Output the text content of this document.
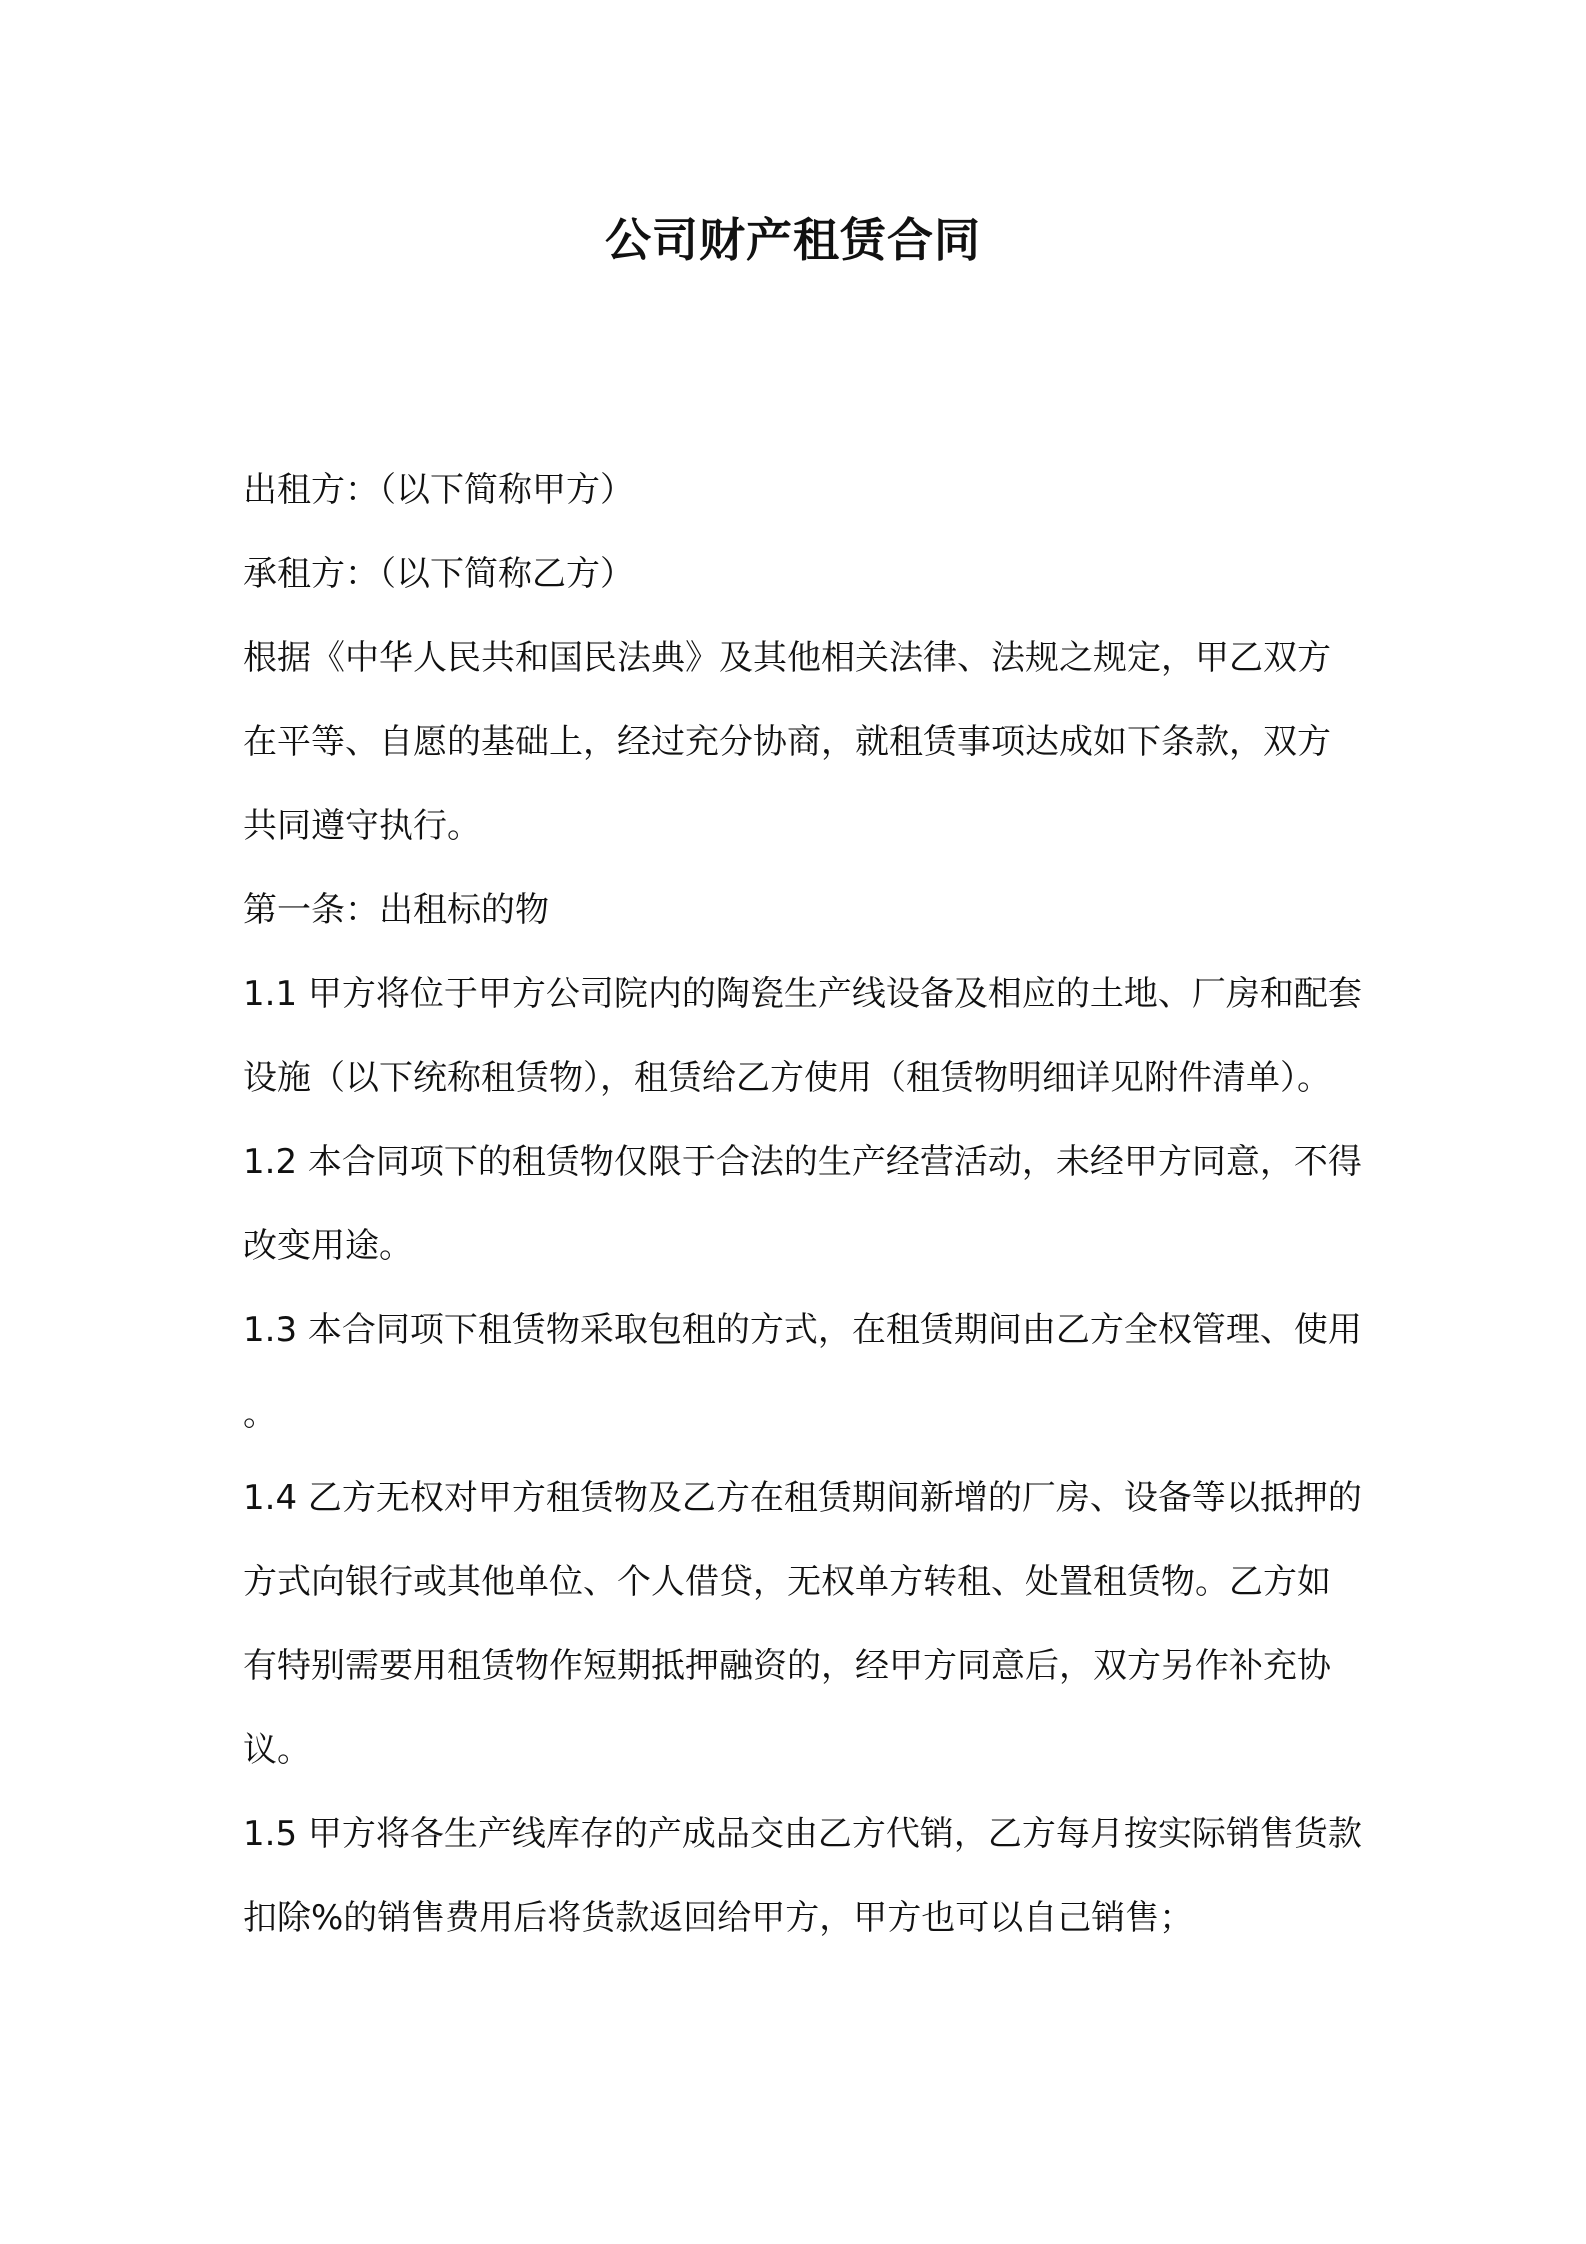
公司财产租赁合同

出租方：（以下简称甲方）

承租方：（以下简称乙方）

根据《中华人民共和国民法典》及其他相关法律、法规之规定，甲乙双方在平等、自愿的基础上，经过充分协商，就租赁事项达成如下条款，双方共同遵守执行。

第一条：出租标的物

1.1 甲方将位于甲方公司院内的陶瓷生产线设备及相应的土地、厂房和配套设施（以下统称租赁物），租赁给乙方使用（租赁物明细详见附件清单）。

1.2 本合同项下的租赁物仅限于合法的生产经营活动，未经甲方同意，不得改变用途。

1.3 本合同项下租赁物采取包租的方式，在租赁期间由乙方全权管理、使用。

1.4 乙方无权对甲方租赁物及乙方在租赁期间新增的厂房、设备等以抵押的方式向银行或其他单位、个人借贷，无权单方转租、处置租赁物。乙方如有特别需要用租赁物作短期抵押融资的，经甲方同意后，双方另作补充协议。

1.5 甲方将各生产线库存的产成品交由乙方代销，乙方每月按实际销售货款扣除%的销售费用后将货款返回给甲方，甲方也可以自己销售；
